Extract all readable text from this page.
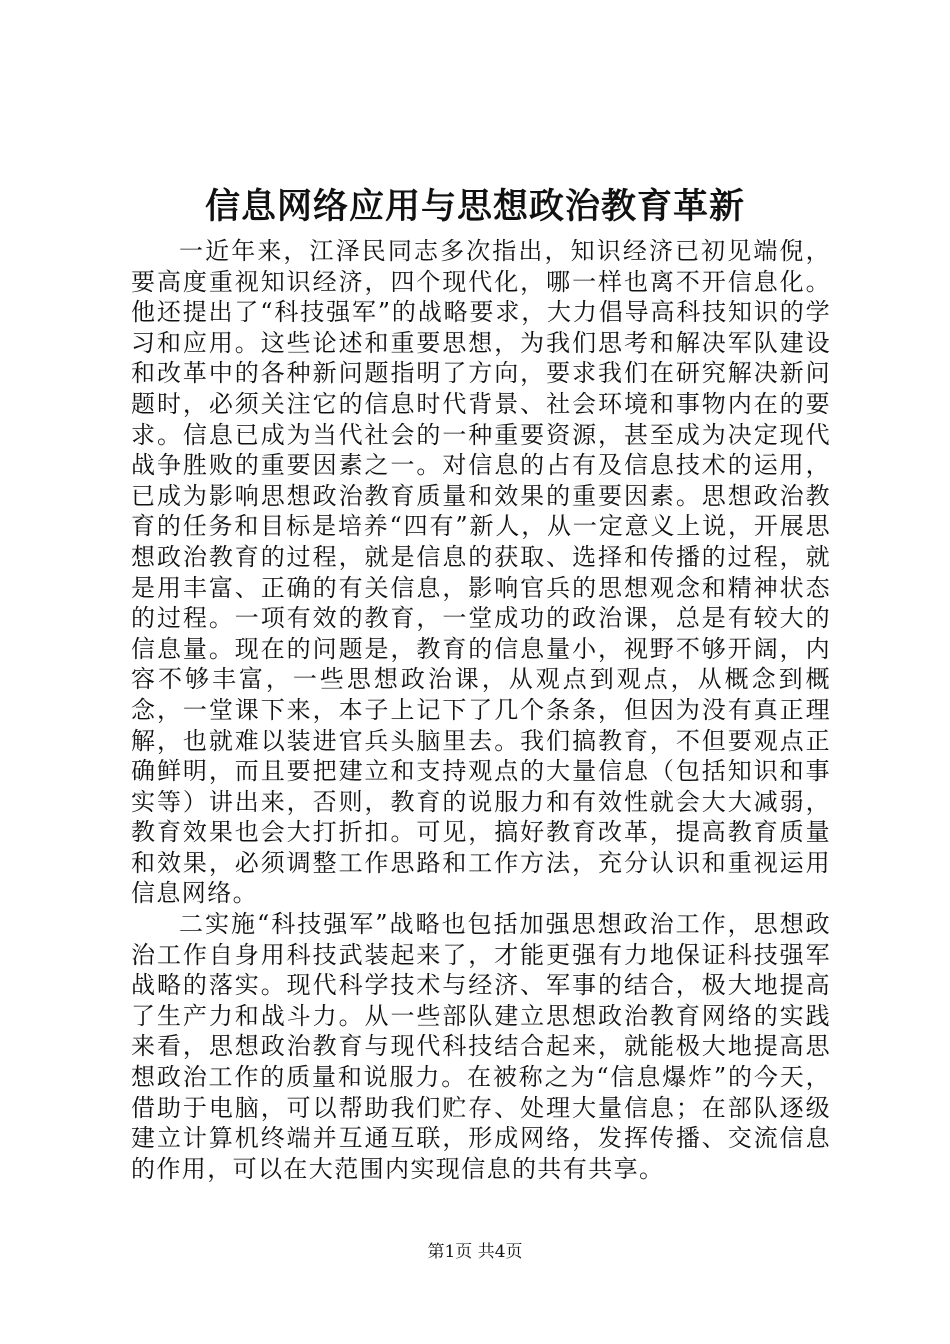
信息网络应用与思想政治教育革新

一近年来，江泽民同志多次指出，知识经济已初见端倪，要高度重视知识经济，四个现代化，哪一样也离不开信息化。他还提出了“科技强军”的战略要求，大力倡导高科技知识的学习和应用。这些论述和重要思想，为我们思考和解决军队建设和改革中的各种新问题指明了方向，要求我们在研究解决新问题时，必须关注它的信息时代背景、社会环境和事物内在的要求。信息已成为当代社会的一种重要资源，甚至成为决定现代战争胜败的重要因素之一。对信息的占有及信息技术的运用，已成为影响思想政治教育质量和效果的重要因素。思想政治教育的任务和目标是培养“四有”新人，从一定意义上说，开展思想政治教育的过程，就是信息的获取、选择和传播的过程，就是用丰富、正确的有关信息，影响官兵的思想观念和精神状态的过程。一项有效的教育，一堂成功的政治课，总是有较大的信息量。现在的问题是，教育的信息量小，视野不够开阔，内容不够丰富，一些思想政治课，从观点到观点，从概念到概念，一堂课下来，本子上记下了几个条条，但因为没有真正理解，也就难以装进官兵头脑里去。我们搞教育，不但要观点正确鲜明，而且要把建立和支持观点的大量信息（包括知识和事实等）讲出来，否则，教育的说服力和有效性就会大大减弱，教育效果也会大打折扣。可见，搞好教育改革，提高教育质量和效果，必须调整工作思路和工作方法，充分认识和重视运用信息网络。

二实施“科技强军”战略也包括加强思想政治工作，思想政治工作自身用科技武装起来了，才能更强有力地保证科技强军战略的落实。现代科学技术与经济、军事的结合，极大地提高了生产力和战斗力。从一些部队建立思想政治教育网络的实践来看，思想政治教育与现代科技结合起来，就能极大地提高思想政治工作的质量和说服力。在被称之为“信息爆炸”的今天，借助于电脑，可以帮助我们贮存、处理大量信息；在部队逐级建立计算机终端并互通互联，形成网络，发挥传播、交流信息的作用，可以在大范围内实现信息的共有共享。

第1页 共4页
